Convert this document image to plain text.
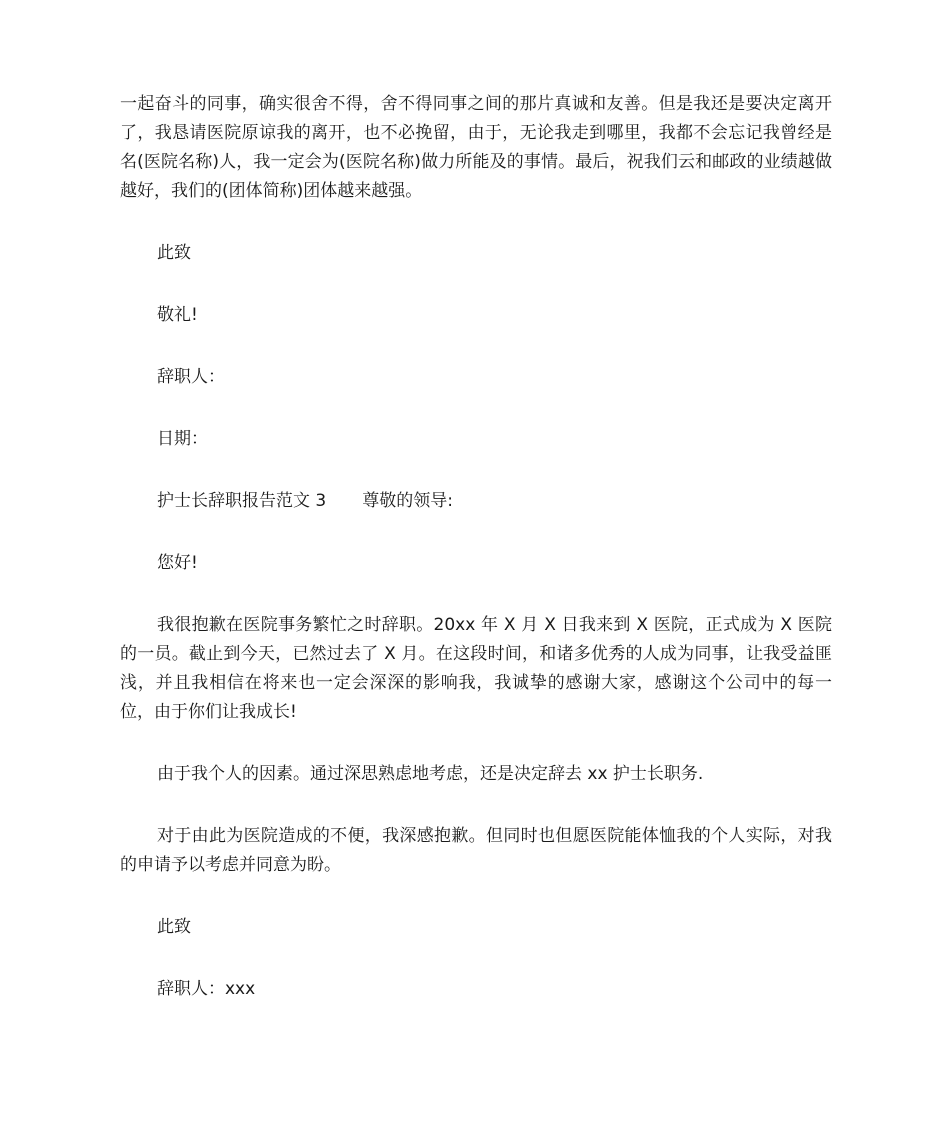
一起奋斗的同事，确实很舍不得，舍不得同事之间的那片真诚和友善。但是我还是要决定离开了，我恳请医院原谅我的离开，也不必挽留，由于，无论我走到哪里，我都不会忘记我曾经是名(医院名称)人，我一定会为(医院名称)做力所能及的事情。最后，祝我们云和邮政的业绩越做越好，我们的(团体简称)团体越来越强。

此致

敬礼!

辞职人：

日期：

护士长辞职报告范文 3 尊敬的领导:

您好!

我很抱歉在医院事务繁忙之时辞职。20xx 年 X 月 X 日我来到 X 医院，正式成为 X 医院的一员。截止到今天，已然过去了 X 月。在这段时间，和诸多优秀的人成为同事，让我受益匪浅，并且我相信在将来也一定会深深的影响我，我诚挚的感谢大家，感谢这个公司中的每一位，由于你们让我成长!

由于我个人的因素。通过深思熟虑地考虑，还是决定辞去 xx 护士长职务.

对于由此为医院造成的不便，我深感抱歉。但同时也但愿医院能体恤我的个人实际，对我的申请予以考虑并同意为盼。

此致

辞职人：xxx
